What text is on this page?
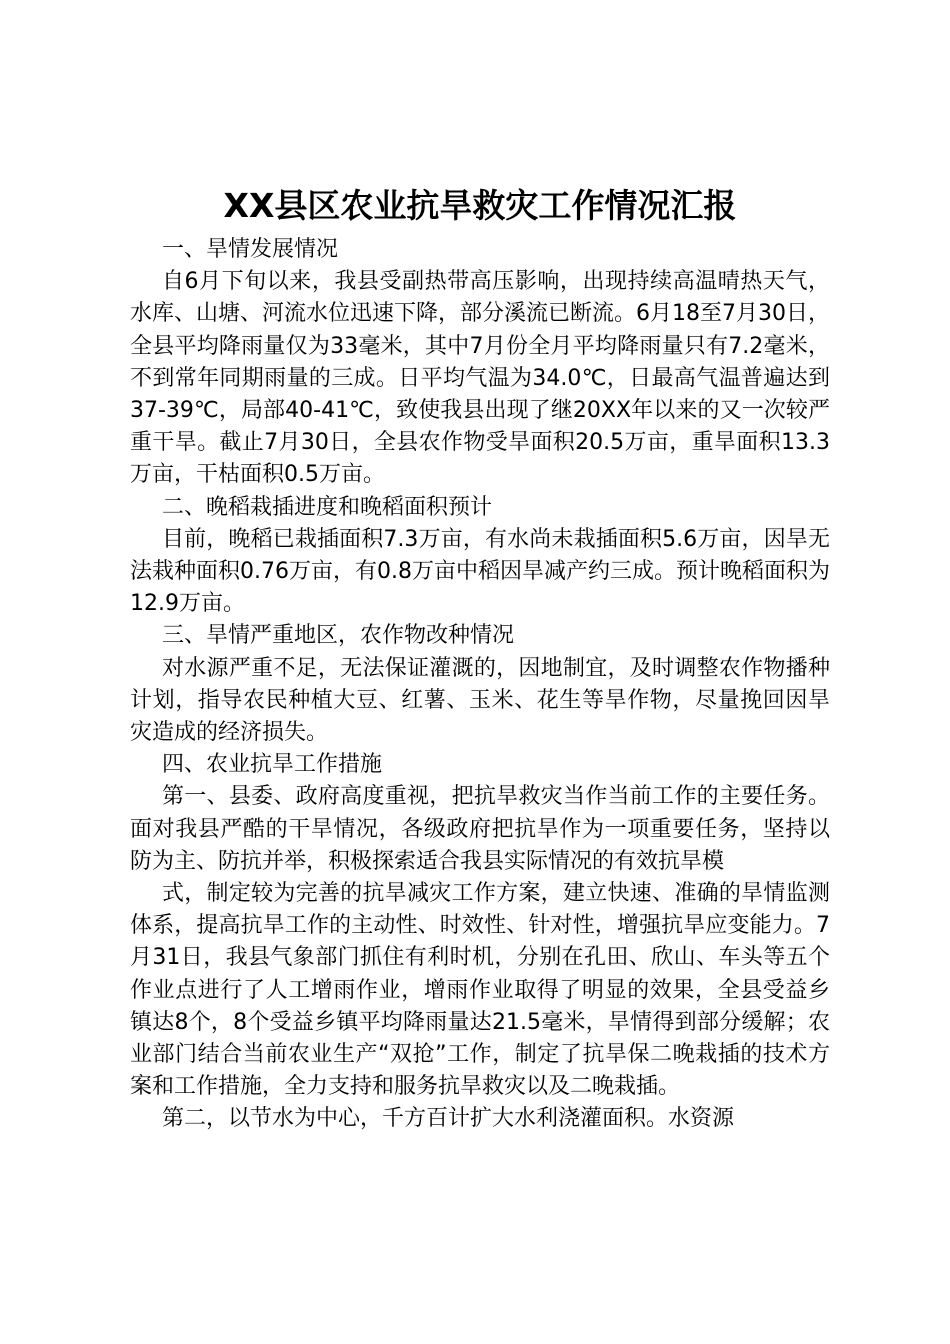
XX县区农业抗旱救灾工作情况汇报

一、旱情发展情况

自6月下旬以来，我县受副热带高压影响，出现持续高温晴热天气，水库、山塘、河流水位迅速下降，部分溪流已断流。6月18至7月30日，全县平均降雨量仅为33毫米，其中7月份全月平均降雨量只有7.2毫米，不到常年同期雨量的三成。日平均气温为34.0℃，日最高气温普遍达到37-39℃，局部40-41℃，致使我县出现了继20XX年以来的又一次较严重干旱。截止7月30日，全县农作物受旱面积20.5万亩，重旱面积13.3万亩，干枯面积0.5万亩。

二、晚稻栽插进度和晚稻面积预计

目前，晚稻已栽插面积7.3万亩，有水尚未栽插面积5.6万亩，因旱无法栽种面积0.76万亩，有0.8万亩中稻因旱减产约三成。预计晚稻面积为12.9万亩。

三、旱情严重地区，农作物改种情况

对水源严重不足，无法保证灌溉的，因地制宜，及时调整农作物播种计划，指导农民种植大豆、红薯、玉米、花生等旱作物，尽量挽回因旱灾造成的经济损失。

四、农业抗旱工作措施

第一、县委、政府高度重视，把抗旱救灾当作当前工作的主要任务。面对我县严酷的干旱情况，各级政府把抗旱作为一项重要任务，坚持以防为主、防抗并举，积极探索适合我县实际情况的有效抗旱模

式，制定较为完善的抗旱减灾工作方案，建立快速、准确的旱情监测体系，提高抗旱工作的主动性、时效性、针对性，增强抗旱应变能力。7月31日，我县气象部门抓住有利时机，分别在孔田、欣山、车头等五个作业点进行了人工增雨作业，增雨作业取得了明显的效果，全县受益乡镇达8个，8个受益乡镇平均降雨量达21.5毫米，旱情得到部分缓解；农业部门结合当前农业生产“双抢”工作，制定了抗旱保二晚栽插的技术方案和工作措施，全力支持和服务抗旱救灾以及二晚栽插。

第二，以节水为中心，千方百计扩大水利浇灌面积。水资源
